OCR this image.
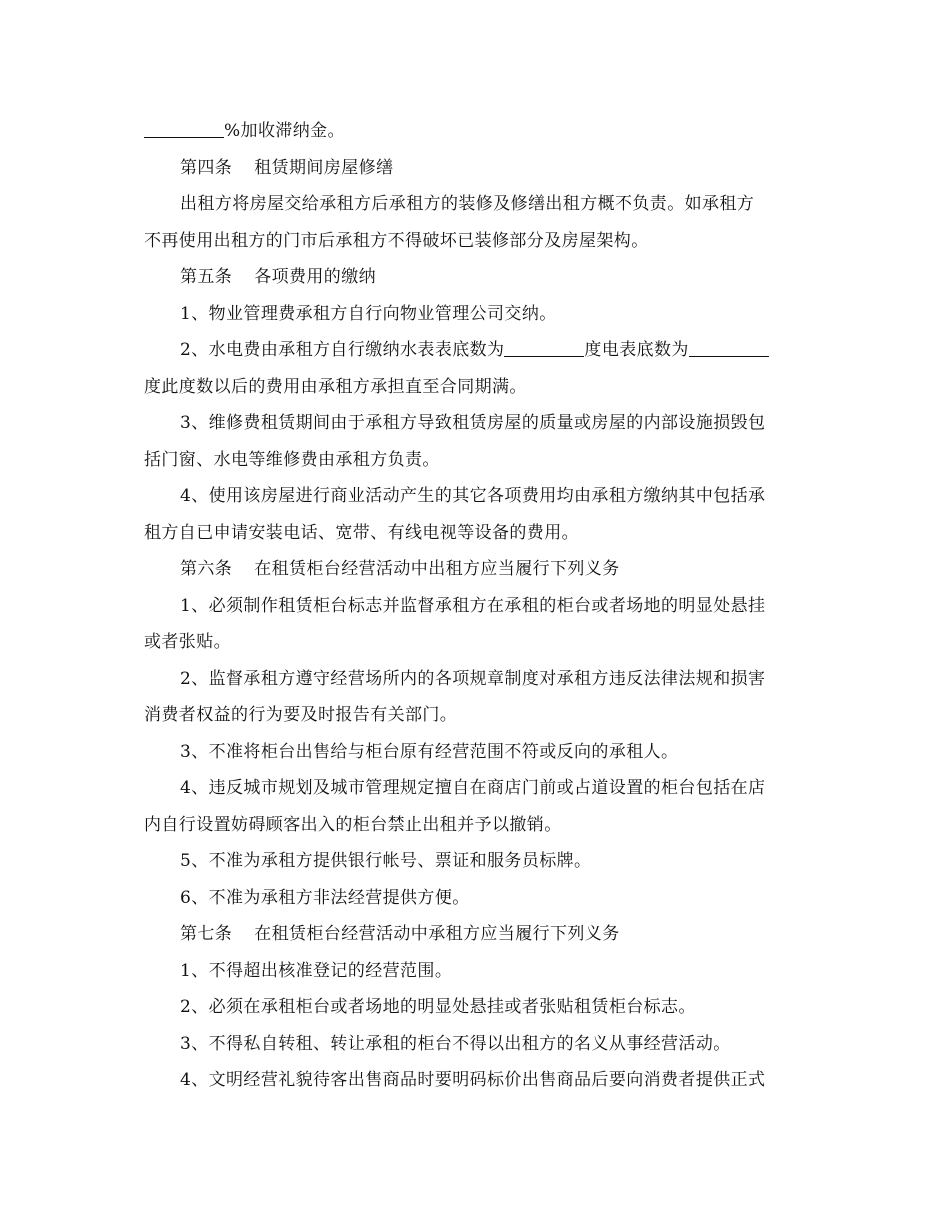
%加收滞纳金。
第四条 租赁期间房屋修缮
出租方将房屋交给承租方后承租方的装修及修缮出租方概不负责。如承租方
不再使用出租方的门市后承租方不得破坏已装修部分及房屋架构。
第五条 各项费用的缴纳
1、物业管理费承租方自行向物业管理公司交纳。
2、水电费由承租方自行缴纳水表表底数为	度电表底数为
度此度数以后的费用由承租方承担直至合同期满。
3、维修费租赁期间由于承租方导致租赁房屋的质量或房屋的内部设施损毁包
括门窗、水电等维修费由承租方负责。
4、使用该房屋进行商业活动产生的其它各项费用均由承租方缴纳其中包括承
租方自已申请安装电话、宽带、有线电视等设备的费用。
第六条 在租赁柜台经营活动中出租方应当履行下列义务
1、必须制作租赁柜台标志并监督承租方在承租的柜台或者场地的明显处悬挂
或者张贴。
2、监督承租方遵守经营场所内的各项规章制度对承租方违反法律法规和损害
消费者权益的行为要及时报告有关部门。
3、不准将柜台出售给与柜台原有经营范围不符或反向的承租人。
4、违反城市规划及城市管理规定擅自在商店门前或占道设置的柜台包括在店
内自行设置妨碍顾客出入的柜台禁止出租并予以撤销。
5、不准为承租方提供银行帐号、票证和服务员标牌。
6、不准为承租方非法经营提供方便。
第七条 在租赁柜台经营活动中承租方应当履行下列义务
1、不得超出核准登记的经营范围。
2、必须在承租柜台或者场地的明显处悬挂或者张贴租赁柜台标志。
3、不得私自转租、转让承租的柜台不得以出租方的名义从事经营活动。
4、文明经营礼貌待客出售商品时要明码标价出售商品后要向消费者提供正式
